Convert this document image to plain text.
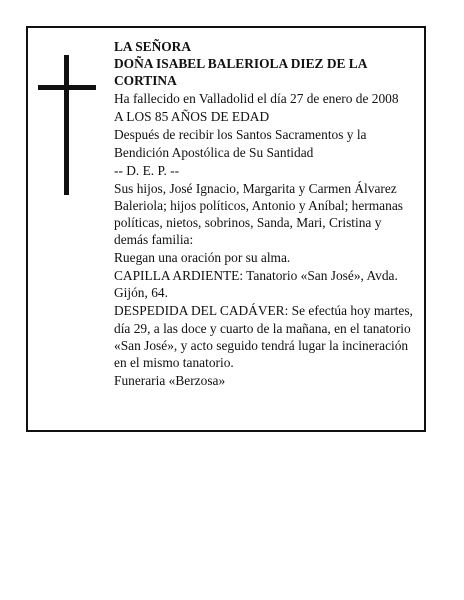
LA SEÑORA

DOÑA ISABEL BALERIOLA DIEZ DE LA CORTINA

Ha fallecido en Valladolid el día 27 de enero de 2008

A LOS 85 AÑOS DE EDAD

Después de recibir los Santos Sacramentos y la Bendición Apostólica de Su Santidad

-- D. E. P. --

Sus hijos, José Ignacio, Margarita y Carmen Álvarez Baleriola; hijos políticos, Antonio y Aníbal; hermanas políticas, nietos, sobrinos, Sanda, Mari, Cristina y demás familia:

Ruegan una oración por su alma.

CAPILLA ARDIENTE: Tanatorio «San José», Avda. Gijón, 64.

DESPEDIDA DEL CADÁVER: Se efectúa hoy martes, día 29, a las doce y cuarto de la mañana, en el tanatorio «San José», y acto seguido tendrá lugar la incineración en el mismo tanatorio.

Funeraria «Berzosa»
